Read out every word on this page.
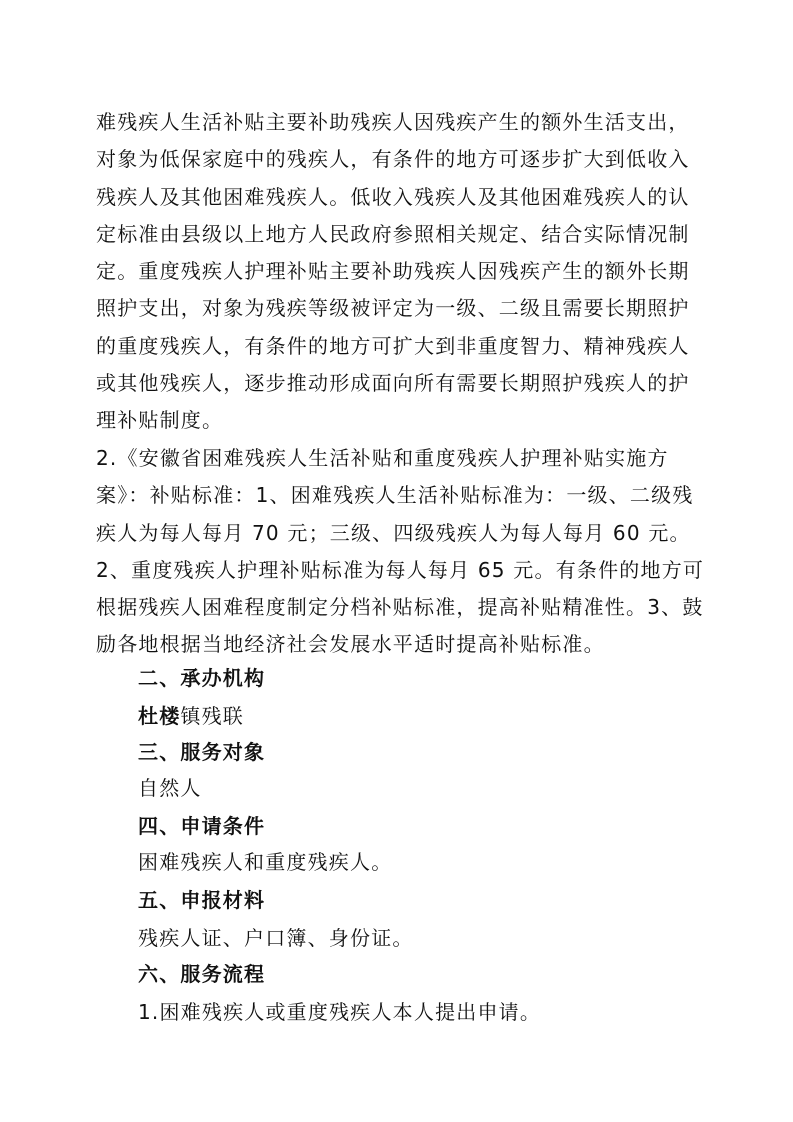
难残疾人生活补贴主要补助残疾人因残疾产生的额外生活支出，对象为低保家庭中的残疾人，有条件的地方可逐步扩大到低收入残疾人及其他困难残疾人。低收入残疾人及其他困难残疾人的认定标准由县级以上地方人民政府参照相关规定、结合实际情况制定。重度残疾人护理补贴主要补助残疾人因残疾产生的额外长期照护支出，对象为残疾等级被评定为一级、二级且需要长期照护的重度残疾人，有条件的地方可扩大到非重度智力、精神残疾人或其他残疾人，逐步推动形成面向所有需要长期照护残疾人的护理补贴制度。
2.《安徽省困难残疾人生活补贴和重度残疾人护理补贴实施方案》：补贴标准：1、困难残疾人生活补贴标准为：一级、二级残疾人为每人每月 70 元；三级、四级残疾人为每人每月 60 元。2、重度残疾人护理补贴标准为每人每月 65 元。有条件的地方可根据残疾人困难程度制定分档补贴标准，提高补贴精准性。3、鼓励各地根据当地经济社会发展水平适时提高补贴标准。
二、承办机构
杜楼镇残联
三、服务对象
自然人
四、申请条件
困难残疾人和重度残疾人。
五、申报材料
残疾人证、户口簿、身份证。
六、服务流程
1.困难残疾人或重度残疾人本人提出申请。
